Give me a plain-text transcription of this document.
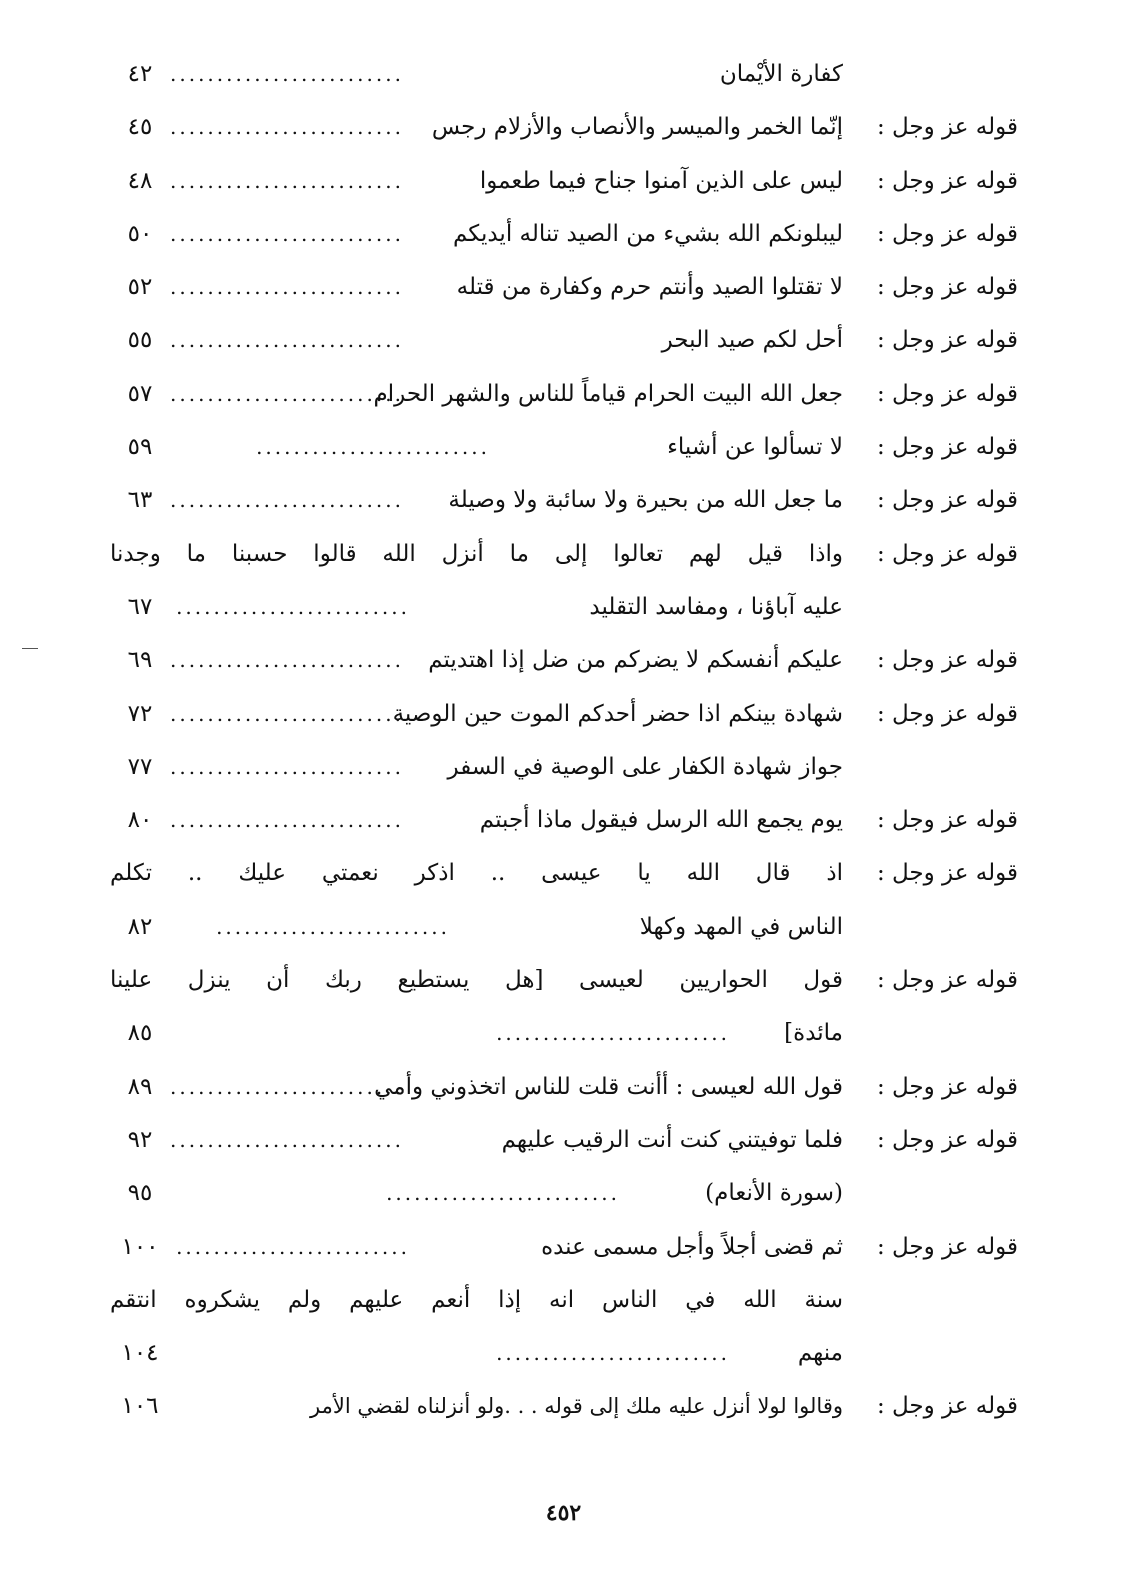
كفارة الأيْمان
.........................
٤٢
قوله عز وجل :
إنّما الخمر والميسر والأنصاب والأزلام رجس
.........................
٤٥
قوله عز وجل :
ليس على الذين آمنوا جناح فيما طعموا
.........................
٤٨
قوله عز وجل :
ليبلونكم الله بشيء من الصيد تناله أيديكم
.........................
٥٠
قوله عز وجل :
لا تقتلوا الصيد وأنتم حرم وكفارة من قتله
.........................
٥٢
قوله عز وجل :
أحل لكم صيد البحر
.........................
٥٥
قوله عز وجل :
جعل الله البيت الحرام قياماً للناس والشهر الحرام
.........................
٥٧
قوله عز وجل :
لا تسألوا عن أشياء
.........................
٥٩
قوله عز وجل :
ما جعل الله من بحيرة ولا سائبة ولا وصيلة
.........................
٦٣
قوله عز وجل :
واذا قيل لهم تعالوا إلى ما أنزل الله قالوا حسبنا ما وجدنا
عليه آباؤنا ، ومفاسد التقليد
.........................
٦٧
قوله عز وجل :
عليكم أنفسكم لا يضركم من ضل إذا اهتديتم
.........................
٦٩
قوله عز وجل :
شهادة بينكم اذا حضر أحدكم الموت حين الوصية
.........................
٧٢
جواز شهادة الكفار على الوصية في السفر
.........................
٧٧
قوله عز وجل :
يوم يجمع الله الرسل فيقول ماذا أجبتم
.........................
٨٠
قوله عز وجل :
اذ قال الله يا عيسى .. اذكر نعمتي عليك .. تكلم
الناس في المهد وكهلا
.........................
٨٢
قوله عز وجل :
قول الحواريين لعيسى [هل يستطيع ربك أن ينزل علينا
مائدة]
.........................
٨٥
قوله عز وجل :
قول الله لعيسى : أأنت قلت للناس اتخذوني وأمي
.........................
٨٩
قوله عز وجل :
فلما توفيتني كنت أنت الرقيب عليهم
.........................
٩٢
(سورة الأنعام)
.........................
٩٥
قوله عز وجل :
ثم قضى أجلاً وأجل مسمى عنده
.........................
١٠٠
سنة الله في الناس انه إذا أنعم عليهم ولم يشكروه انتقم
منهم
.........................
١٠٤
قوله عز وجل :
وقالوا لولا أنزل عليه ملك إلى قوله . . .ولو أنزلناه لقضي الأمر
١٠٦
٤٥٢
